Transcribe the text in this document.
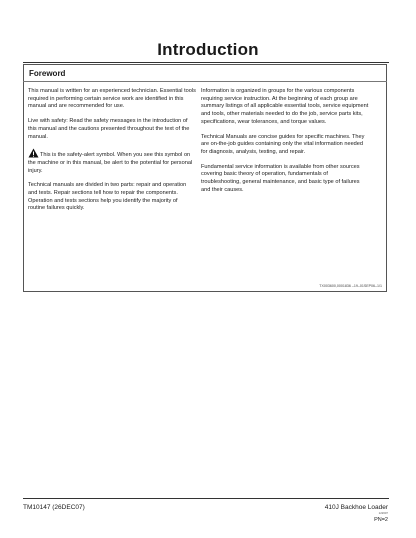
Introduction
Foreword

This manual is written for an experienced technician. Essential tools required in performing certain service work are identified in this manual and are recommended for use.

Live with safety: Read the safety messages in the introduction of this manual and the cautions presented throughout the text of the manual.

This is the safety-alert symbol. When you see this symbol on the machine or in this manual, be alert to the potential for personal injury.

Technical manuals are divided in two parts: repair and operation and tests. Repair sections tell how to repair the components. Operation and tests sections help you identify the majority of routine failures quickly.

Information is organized in groups for the various components requiring service instruction. At the beginning of each group are summary listings of all applicable essential tools, service equipment and tools, other materials needed to do the job, service parts kits, specifications, wear tolerances, and torque values.

Technical Manuals are concise guides for specific machines. They are on-the-job guides containing only the vital information needed for diagnosis, analysis, testing, and repair.

Fundamental service information is available from other sources covering basic theory of operation, fundamentals of troubleshooting, general maintenance, and basic type of failures and their causes.

TX003600,0001836 –19–01SEP06–1/1
TM10147 (26DEC07)	410J Backhoe Loader
122607
PN=2
